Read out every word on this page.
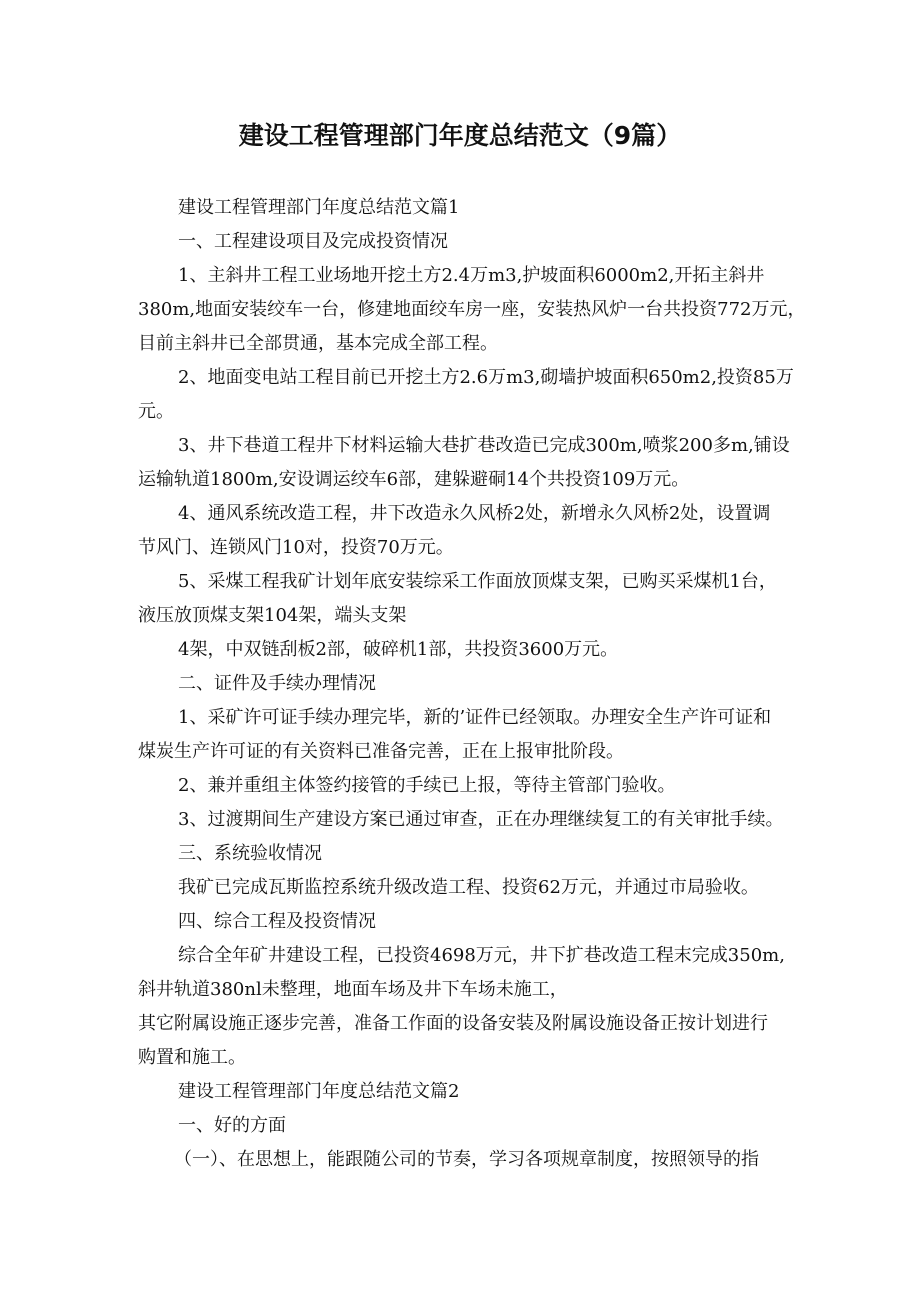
建设工程管理部门年度总结范文（9篇）
建设工程管理部门年度总结范文篇1
一、工程建设项目及完成投资情况
1、主斜井工程工业场地开挖土方2.4万m3,护坡面积6000m2,开拓主斜井
380m,地面安装绞车一台，修建地面绞车房一座，安装热风炉一台共投资772万元，
目前主斜井已全部贯通，基本完成全部工程。
2、地面变电站工程目前已开挖土方2.6万m3,砌墙护坡面积650m2,投资85万
元。
3、井下巷道工程井下材料运输大巷扩巷改造已完成300m,喷浆200多m,铺设
运输轨道1800m,安设调运绞车6部，建躲避硐14个共投资109万元。
4、通风系统改造工程，井下改造永久风桥2处，新增永久风桥2处，设置调
节风门、连锁风门10对，投资70万元。
5、采煤工程我矿计划年底安装综采工作面放顶煤支架，已购买采煤机1台，
液压放顶煤支架104架，端头支架
4架，中双链刮板2部，破碎机1部，共投资3600万元。
二、证件及手续办理情况
1、采矿许可证手续办理完毕，新的’证件已经领取。办理安全生产许可证和
煤炭生产许可证的有关资料已准备完善，正在上报审批阶段。
2、兼并重组主体签约接管的手续已上报，等待主管部门验收。
3、过渡期间生产建设方案已通过审查，正在办理继续复工的有关审批手续。
三、系统验收情况
我矿已完成瓦斯监控系统升级改造工程、投资62万元，并通过市局验收。
四、综合工程及投资情况
综合全年矿井建设工程，已投资4698万元，井下扩巷改造工程末完成350m,
斜井轨道380nl未整理，地面车场及井下车场未施工，
其它附属设施正逐步完善，准备工作面的设备安装及附属设施设备正按计划进行
购置和施工。
建设工程管理部门年度总结范文篇2
一、好的方面
（一）、在思想上，能跟随公司的节奏，学习各项规章制度，按照领导的指
